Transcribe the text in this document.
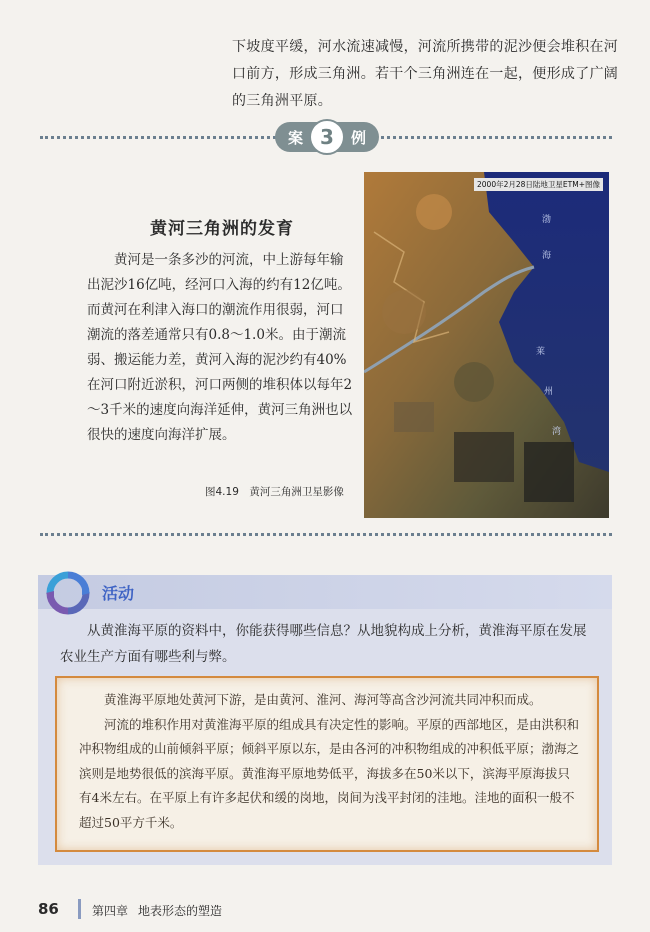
下坡度平缓，河水流速减慢，河流所携带的泥沙便会堆积在河口前方，形成三角洲。若干个三角洲连在一起，便形成了广阔的三角洲平原。

案 3	例
黄河三角洲的发育

黄河是一条多沙的河流，中上游每年输出泥沙16亿吨，经河口入海的约有12亿吨。而黄河在利津入海口的潮流作用很弱，河口潮流的落差通常只有0.8～1.0米。由于潮流弱、搬运能力差，黄河入海的泥沙约有40%在河口附近淤积，河口两侧的堆积体以每年2～3千米的速度向海洋延伸，黄河三角洲也以很快的速度向海洋扩展。

图4.19　黄河三角洲卫星影像
2000年2月28日陆地卫星ETM+图像
渤
海
莱
州
湾
活动

从黄淮海平原的资料中，你能获得哪些信息？从地貌构成上分析，黄淮海平原在发展农业生产方面有哪些利与弊。

黄淮海平原地处黄河下游，是由黄河、淮河、海河等高含沙河流共同冲积而成。

河流的堆积作用对黄淮海平原的组成具有决定性的影响。平原的西部地区，是由洪积和冲积物组成的山前倾斜平原；倾斜平原以东，是由各河的冲积物组成的冲积低平原；渤海之滨则是地势很低的滨海平原。黄淮海平原地势低平，海拔多在50米以下，滨海平原海拔只有4米左右。在平原上有许多起伏和缓的岗地，岗间为浅平封闭的洼地。洼地的面积一般不超过50平方千米。

86	第四章 地表形态的塑造
